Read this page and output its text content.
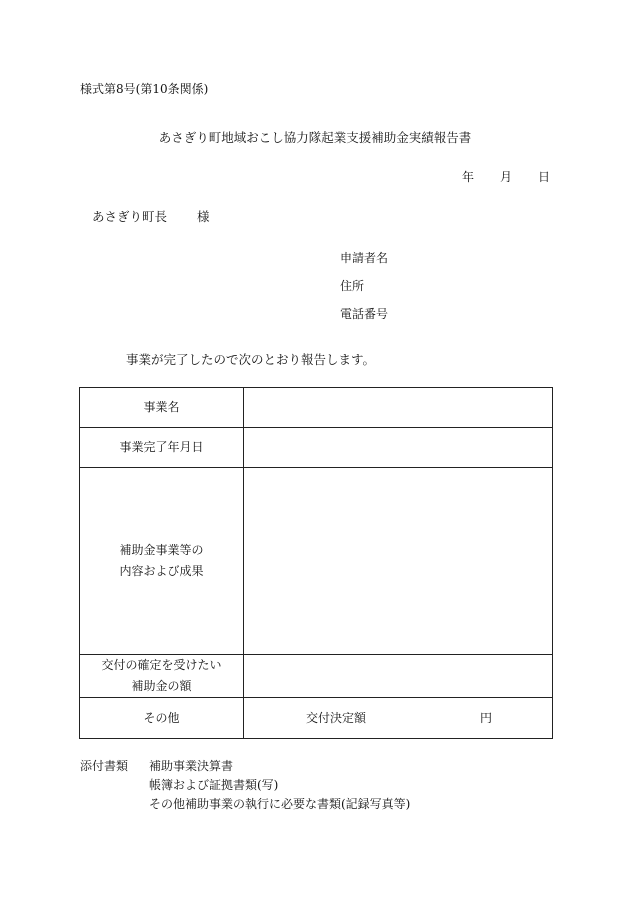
様式第8号(第10条関係)
あさぎり町地域おこし協力隊起業支援補助金実績報告書
年 月 日
あさぎり町長 様
申請者名
住所
電話番号
事業が完了したので次のとおり報告します。
事業名	

事業完了年月日	

補助金事業等の
内容および成果	

交付の確定を受けたい
補助金の額	

その他	交付決定額 円
添付書類 補助事業決算書
帳簿および証拠書類(写)
その他補助事業の執行に必要な書類(記録写真等)
